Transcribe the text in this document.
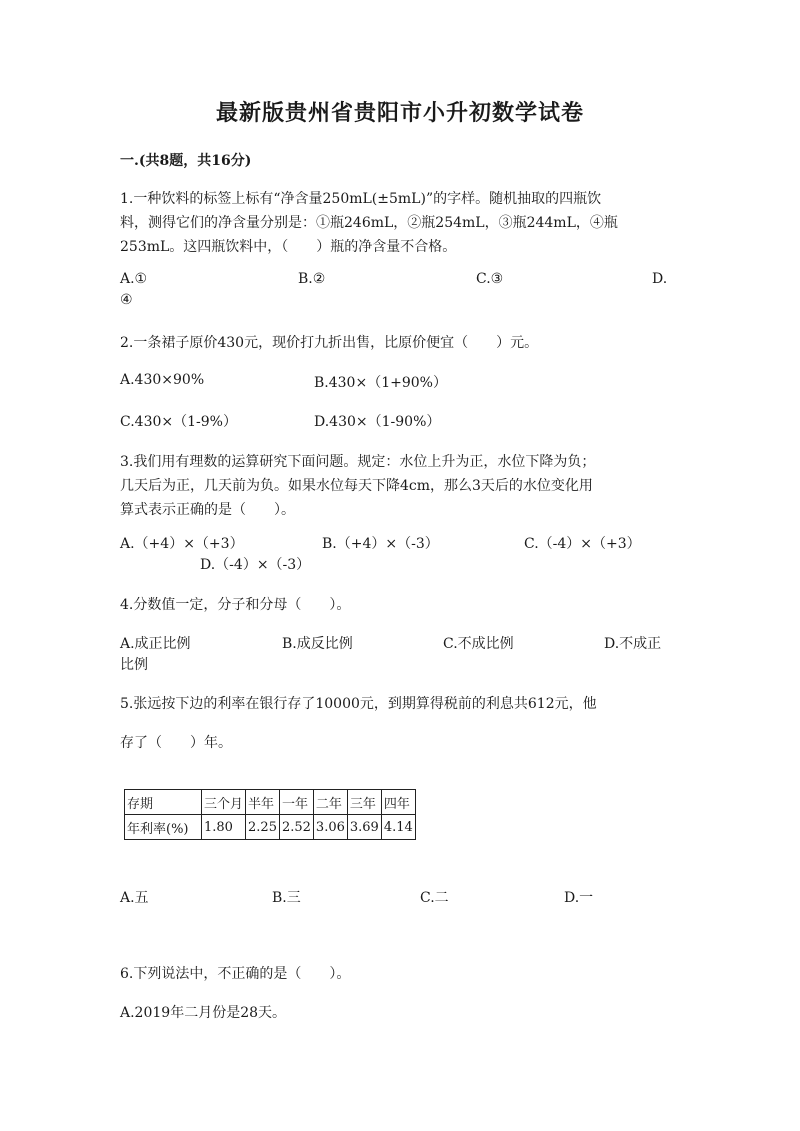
最新版贵州省贵阳市小升初数学试卷
一.(共8题，共16分)
1.一种饮料的标签上标有“净含量250mL(±5mL)”的字样。随机抽取的四瓶饮
料，测得它们的净含量分别是：①瓶246mL，②瓶254mL，③瓶244mL，④瓶
253mL。这四瓶饮料中，（　　）瓶的净含量不合格。
A.①	B.②	C.③	D.
④
2.一条裙子原价430元，现价打九折出售，比原价便宜（　　）元。
A.430×90%	B.430×（1+90%）
C.430×（1-9%）	D.430×（1-90%）
3.我们用有理数的运算研究下面问题。规定：水位上升为正，水位下降为负；
几天后为正，几天前为负。如果水位每天下降4cm，那么3天后的水位变化用
算式表示正确的是（　　）。
A.（+4）×（+3）	B.（+4）×（-3）	C.（-4）×（+3）
D.（-4）×（-3）
4.分数值一定，分子和分母（　　）。
A.成正比例	B.成反比例	C.不成比例	D.不成正
比例
5.张远按下边的利率在银行存了10000元，到期算得税前的利息共612元，他
存了（　　）年。
存期	三个月	半年	一年	二年	三年	四年
年利率(%)	1.80	2.25	2.52	3.06	3.69	4.14
A.五	B.三	C.二	D.一
6.下列说法中，不正确的是（　　）。
A.2019年二月份是28天。
